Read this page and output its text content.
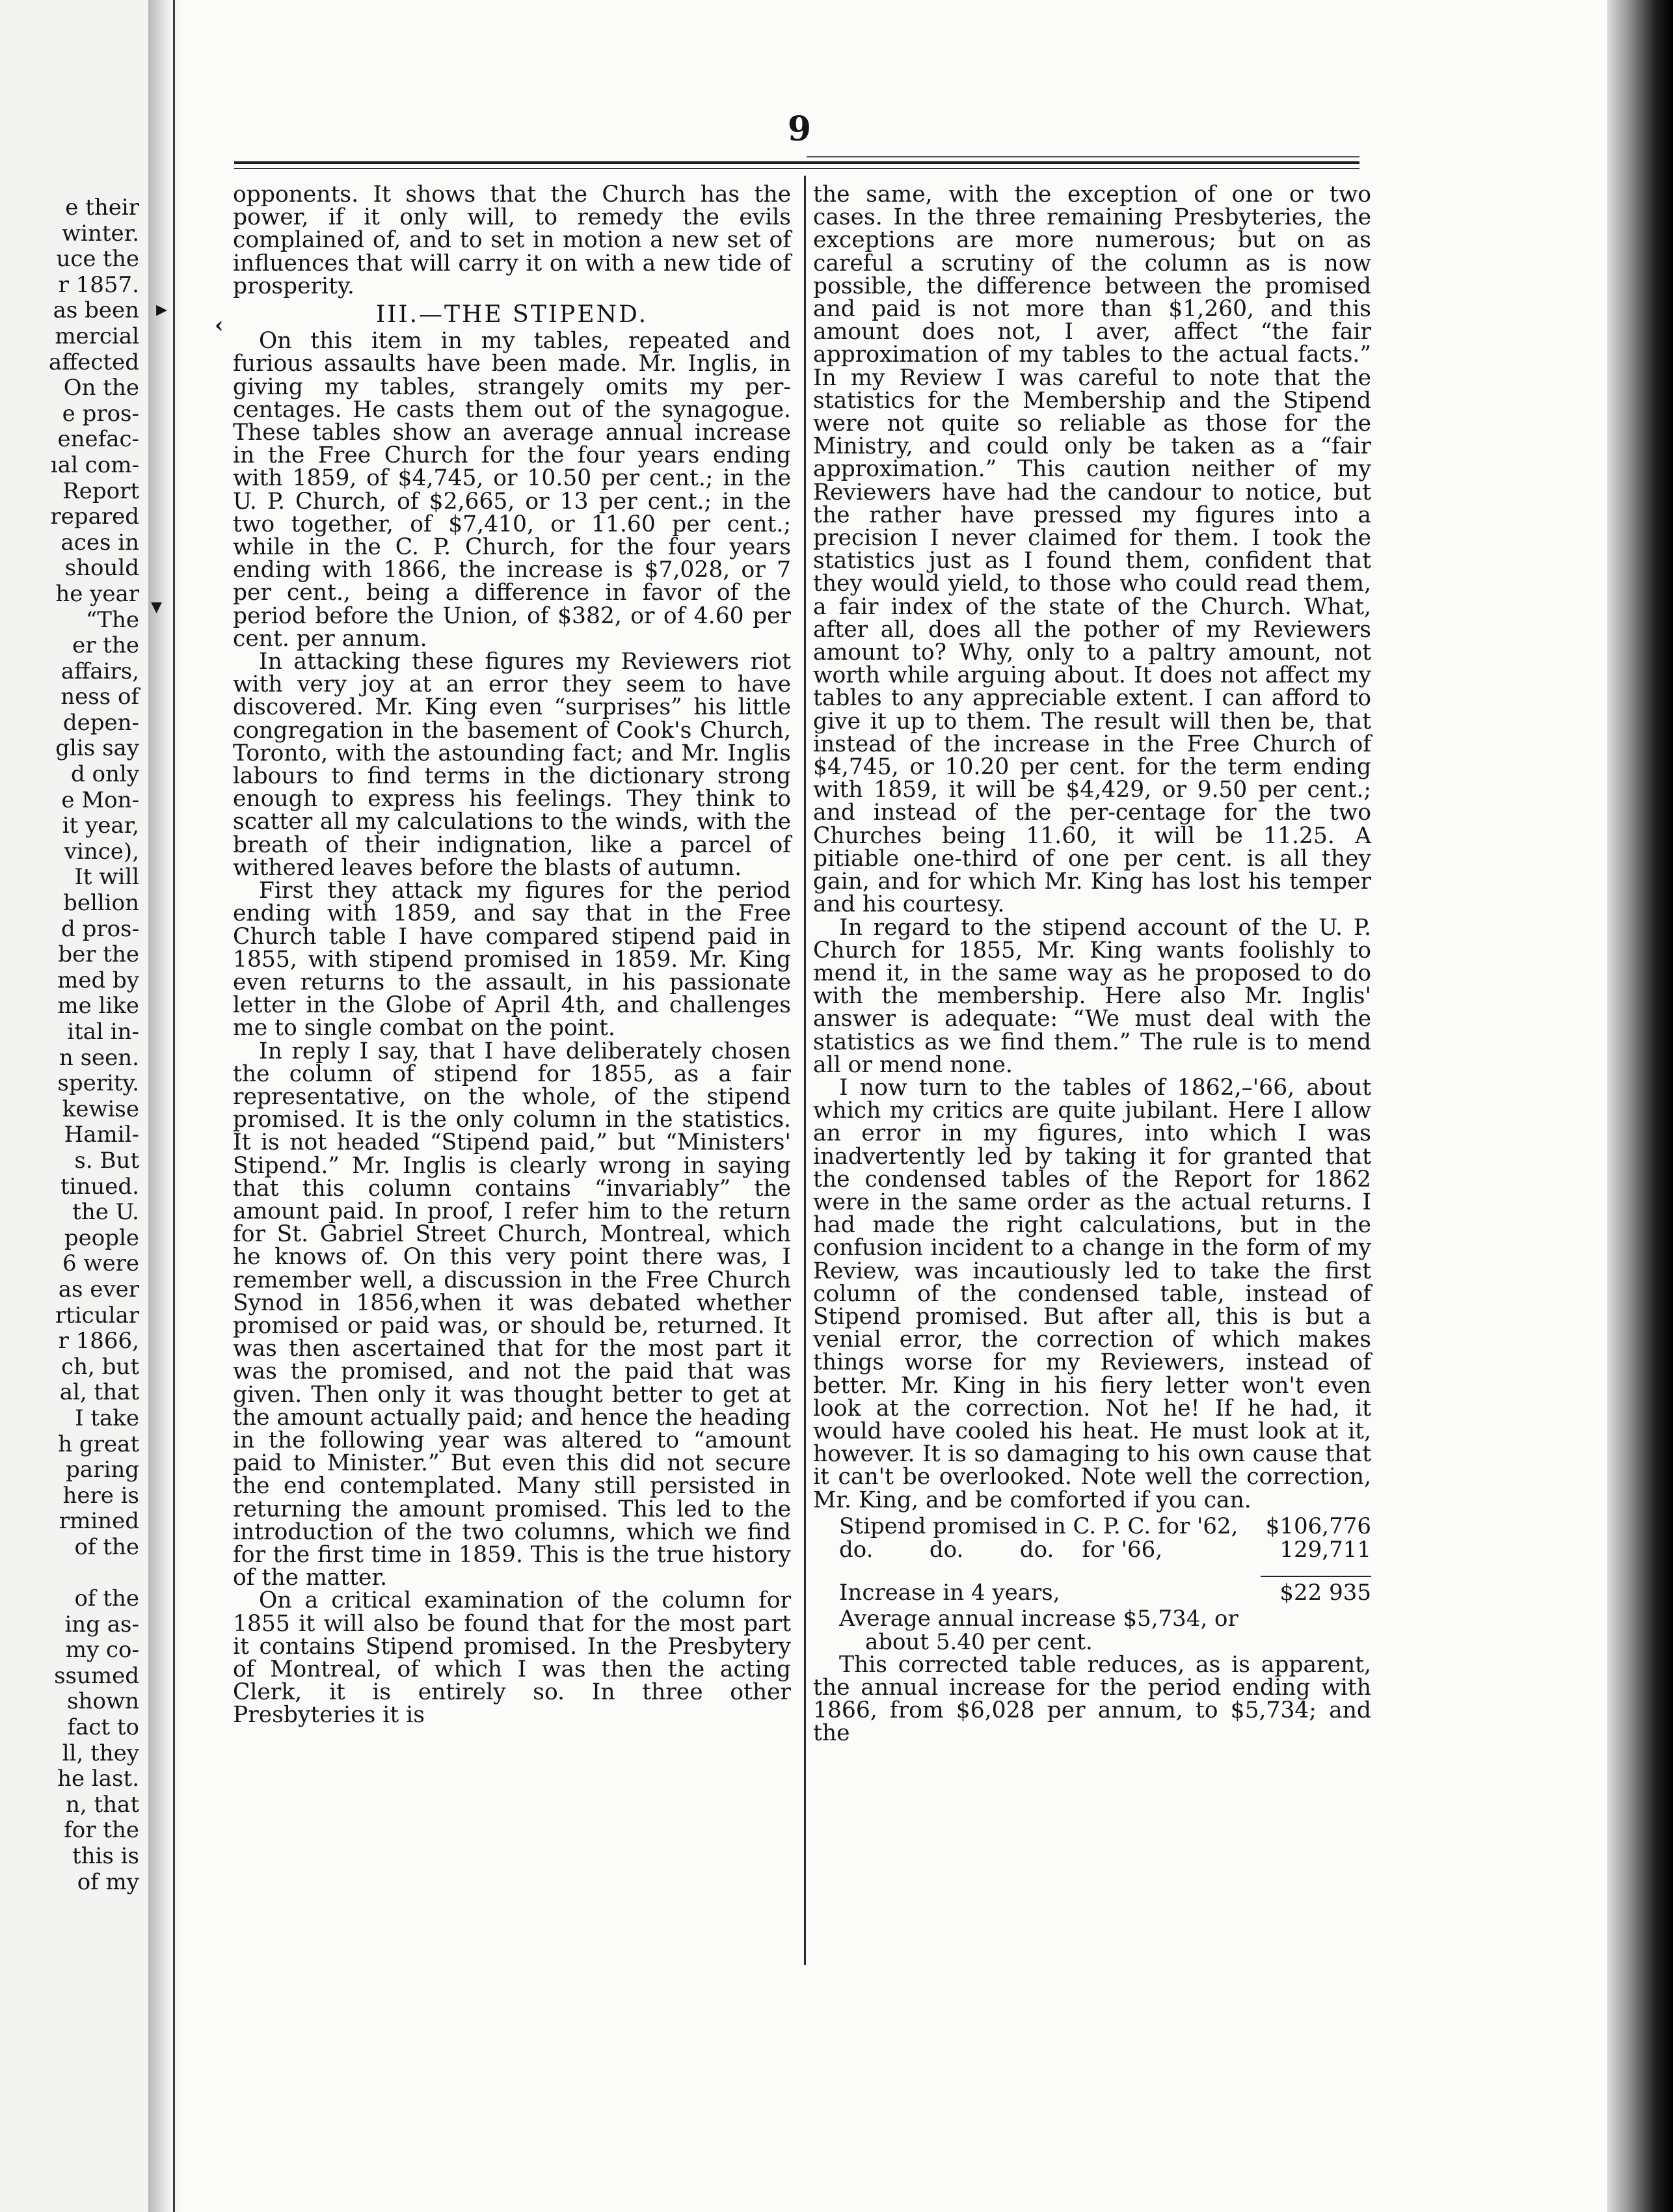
e their
winter.
uce the
r 1857.
as been
mercial
affected
On the
e pros-
enefac-
ıal com-
Report
repared
aces in
should
he year
“The
er the
affairs,
ness of
depen-
glis say
d only
e Mon-
it year,
vince),
It will
bellion
d pros-
ber the
med by
me like
ital in-
n seen.
sperity.
kewise
Hamil-
s. But
tinued.
the U.
people
6 were
as ever
rticular
r 1866,
ch, but
al, that
I take
h great
paring
here is
rmined
of the

of the
ing as-
my co-
ssumed
shown
fact to
ll, they
he last.
n, that
for the
this is
of my
9

opponents. It shows that the Church has the power, if it only will, to remedy the evils complained of, and to set in motion a new set of influences that will carry it on with a new tide of prosperity.

III.—THE STIPEND.

On this item in my tables, repeated and furious assaults have been made. Mr. Inglis, in giving my tables, strangely omits my per-centages. He casts them out of the synagogue. These tables show an average annual increase in the Free Church for the four years ending with 1859, of $4,745, or 10.50 per cent.; in the U. P. Church, of $2,665, or 13 per cent.; in the two together, of $7,410, or 11.60 per cent.; while in the C. P. Church, for the four years ending with 1866, the increase is $7,028, or 7 per cent., being a difference in favor of the period before the Union, of $382, or of 4.60 per cent. per annum.

In attacking these figures my Reviewers riot with very joy at an error they seem to have discovered. Mr. King even “surprises” his little congregation in the basement of Cook's Church, Toronto, with the astounding fact; and Mr. Inglis labours to find terms in the dictionary strong enough to express his feelings. They think to scatter all my calculations to the winds, with the breath of their indignation, like a parcel of withered leaves before the blasts of autumn.

First they attack my figures for the period ending with 1859, and say that in the Free Church table I have compared stipend paid in 1855, with stipend promised in 1859. Mr. King even returns to the assault, in his passionate letter in the Globe of April 4th, and challenges me to single combat on the point.

In reply I say, that I have deliberately chosen the column of stipend for 1855, as a fair representative, on the whole, of the stipend promised. It is the only column in the statistics. It is not headed “Stipend paid,” but “Ministers' Stipend.” Mr. Inglis is clearly wrong in saying that this column contains “invariably” the amount paid. In proof, I refer him to the return for St. Gabriel Street Church, Montreal, which he knows of. On this very point there was, I remember well, a discussion in the Free Church Synod in 1856,when it was debated whether promised or paid was, or should be, returned. It was then ascertained that for the most part it was the promised, and not the paid that was given. Then only it was thought better to get at the amount actually paid; and hence the heading in the following year was altered to “amount paid to Minister.” But even this did not secure the end contemplated. Many still persisted in returning the amount promised. This led to the introduction of the two columns, which we find for the first time in 1859. This is the true history of the matter.

On a critical examination of the column for 1855 it will also be found that for the most part it contains Stipend promised. In the Presbytery of Montreal, of which I was then the acting Clerk, it is entirely so. In three other Presbyteries it is

the same, with the exception of one or two cases. In the three remaining Presbyteries, the exceptions are more numerous; but on as careful a scrutiny of the column as is now possible, the difference between the promised and paid is not more than $1,260, and this amount does not, I aver, affect “the fair approximation of my tables to the actual facts.” In my Review I was careful to note that the statistics for the Membership and the Stipend were not quite so reliable as those for the Ministry, and could only be taken as a “fair approximation.” This caution neither of my Reviewers have had the candour to notice, but the rather have pressed my figures into a precision I never claimed for them. I took the statistics just as I found them, confident that they would yield, to those who could read them, a fair index of the state of the Church. What, after all, does all the pother of my Reviewers amount to? Why, only to a paltry amount, not worth while arguing about. It does not affect my tables to any appreciable extent. I can afford to give it up to them. The result will then be, that instead of the increase in the Free Church of $4,745, or 10.20 per cent. for the term ending with 1859, it will be $4,429, or 9.50 per cent.; and instead of the per-centage for the two Churches being 11.60, it will be 11.25. A pitiable one-third of one per cent. is all they gain, and for which Mr. King has lost his temper and his courtesy.

In regard to the stipend account of the U. P. Church for 1855, Mr. King wants foolishly to mend it, in the same way as he proposed to do with the membership. Here also Mr. Inglis' answer is adequate: “We must deal with the statistics as we find them.” The rule is to mend all or mend none.

I now turn to the tables of 1862,–'66, about which my critics are quite jubilant. Here I allow an error in my figures, into which I was inadvertently led by taking it for granted that the condensed tables of the Report for 1862 were in the same order as the actual returns. I had made the right calculations, but in the confusion incident to a change in the form of my Review, was incautiously led to take the first column of the condensed table, instead of Stipend promised. But after all, this is but a venial error, the correction of which makes things worse for my Reviewers, instead of better. Mr. King in his fiery letter won't even look at the correction. Not he! If he had, it would have cooled his heat. He must look at it, however. It is so damaging to his own cause that it can't be overlooked. Note well the correction, Mr. King, and be comforted if you can.

Stipend promised in C. P. C. for '62, $106,776
do.        do.        do.    for '66,	129,711
Increase in 4 years,	$22 935
Average annual increase $5,734, or
about 5.40 per cent.

This corrected table reduces, as is apparent, the annual increase for the period ending with 1866, from $6,028 per annum, to $5,734; and the

‹
▸
▾
